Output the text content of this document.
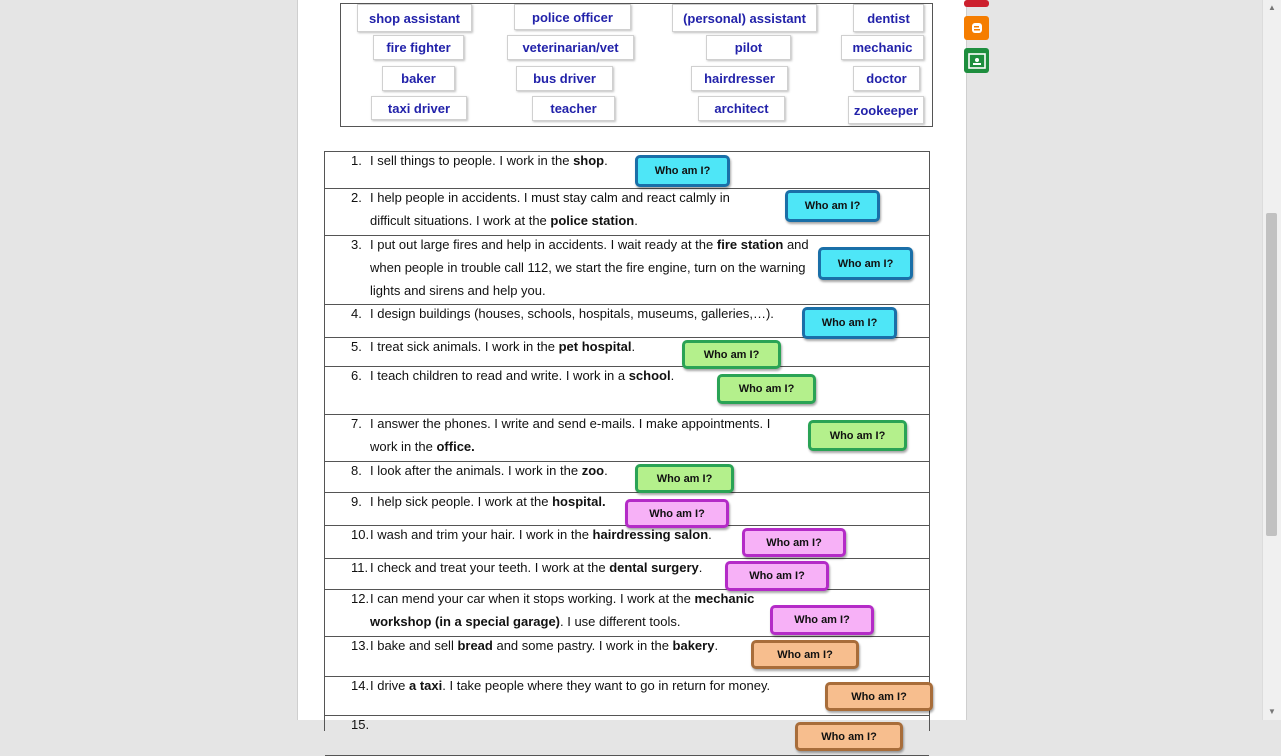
shop assistant	police officer	(personal) assistant	dentist
fire fighter	veterinarian/vet	pilot	mechanic
baker	bus driver	hairdresser	doctor
taxi driver	teacher	architect	zookeeper
1. I sell things to people. I work in the shop.
Who am I?
2. I help people in accidents. I must stay calm and react calmly in difficult situations. I work at the police station.
Who am I?
3. I put out large fires and help in accidents. I wait ready at the fire station and when people in trouble call 112, we start the fire engine, turn on the warning lights and sirens and help you.
Who am I?
4. I design buildings (houses, schools, hospitals, museums, galleries,…).
Who am I?
5. I treat sick animals. I work in the pet hospital.
Who am I?
6. I teach children to read and write. I work in a school.
Who am I?
7. I answer the phones. I write and send e-mails. I make appointments. I work in the office.
Who am I?
8. I look after the animals. I work in the zoo.
Who am I?
9. I help sick people. I work at the hospital.
Who am I?
10. I wash and trim your hair. I work in the hairdressing salon.
Who am I?
11. I check and treat your teeth. I work at the dental surgery.
Who am I?
12. I can mend your car when it stops working. I work at the mechanic workshop (in a special garage). I use different tools.	Who am I?
13. I bake and sell bread and some pastry. I work in the bakery.
Who am I?
14. I drive a taxi. I take people where they want to go in return for money.
Who am I?
15.
Who am I?
▲
▼
